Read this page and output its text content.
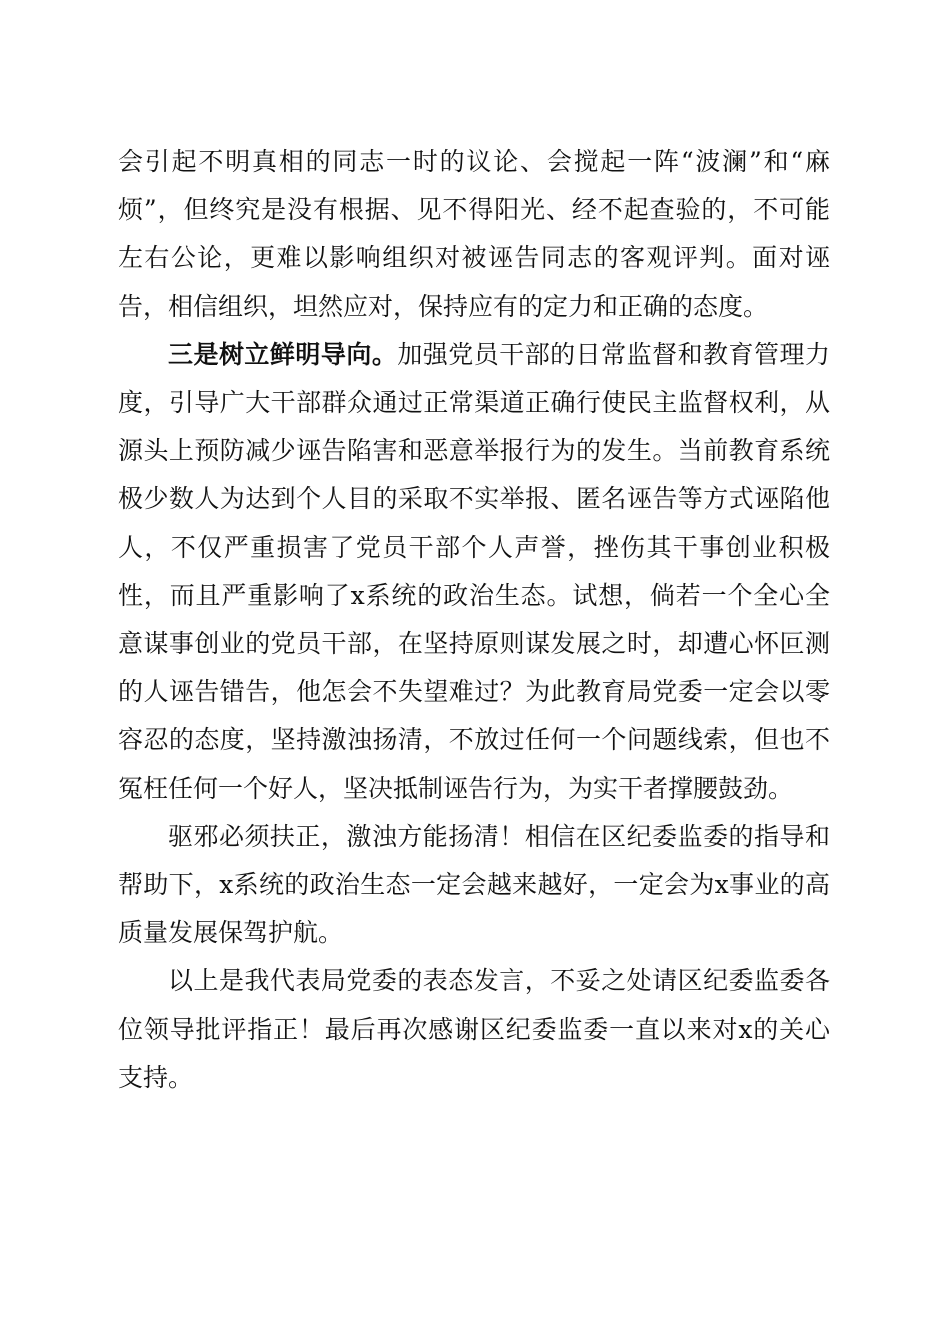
会引起不明真相的同志一时的议论、会搅起一阵“波澜”和“麻烦”，但终究是没有根据、见不得阳光、经不起查验的，不可能左右公论，更难以影响组织对被诬告同志的客观评判。面对诬告，相信组织，坦然应对，保持应有的定力和正确的态度。

三是树立鲜明导向。加强党员干部的日常监督和教育管理力度，引导广大干部群众通过正常渠道正确行使民主监督权利，从源头上预防减少诬告陷害和恶意举报行为的发生。当前教育系统极少数人为达到个人目的采取不实举报、匿名诬告等方式诬陷他人，不仅严重损害了党员干部个人声誉，挫伤其干事创业积极性，而且严重影响了x系统的政治生态。试想，倘若一个全心全意谋事创业的党员干部，在坚持原则谋发展之时，却遭心怀叵测的人诬告错告，他怎会不失望难过？为此教育局党委一定会以零容忍的态度，坚持激浊扬清，不放过任何一个问题线索，但也不冤枉任何一个好人，坚决抵制诬告行为，为实干者撑腰鼓劲。

驱邪必须扶正，激浊方能扬清！相信在区纪委监委的指导和帮助下，x系统的政治生态一定会越来越好，一定会为x事业的高质量发展保驾护航。

以上是我代表局党委的表态发言，不妥之处请区纪委监委各位领导批评指正！最后再次感谢区纪委监委一直以来对x的关心支持。
